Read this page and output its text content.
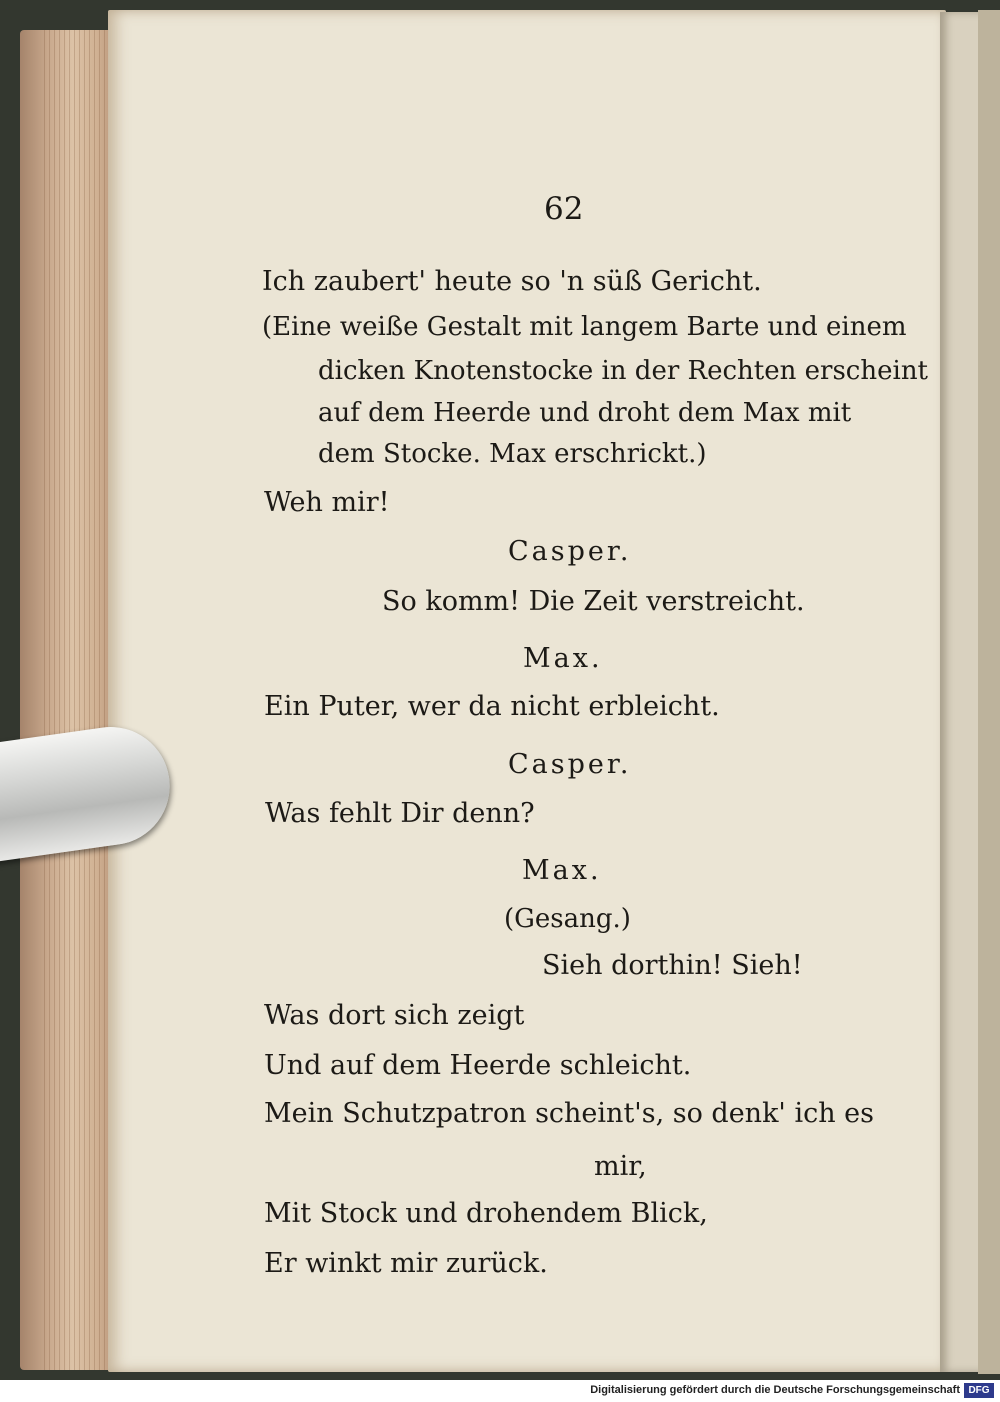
62
Ich zaubert' heute so 'n süß Gericht.
(Eine weiße Gestalt mit langem Barte und einem
dicken Knotenstocke in der Rechten erscheint
auf dem Heerde und droht dem Max mit
dem Stocke. Max erschrickt.)
Weh mir!
Casper.
So komm! Die Zeit verstreicht.
Max.
Ein Puter, wer da nicht erbleicht.
Casper.
Was fehlt Dir denn?
Max.
(Gesang.)
Sieh dorthin! Sieh!
Was dort sich zeigt
Und auf dem Heerde schleicht.
Mein Schutzpatron scheint's, so denk' ich es
mir,
Mit Stock und drohendem Blick,
Er winkt mir zurück.
Digitalisierung gefördert durch die Deutsche Forschungsgemeinschaft DFG
